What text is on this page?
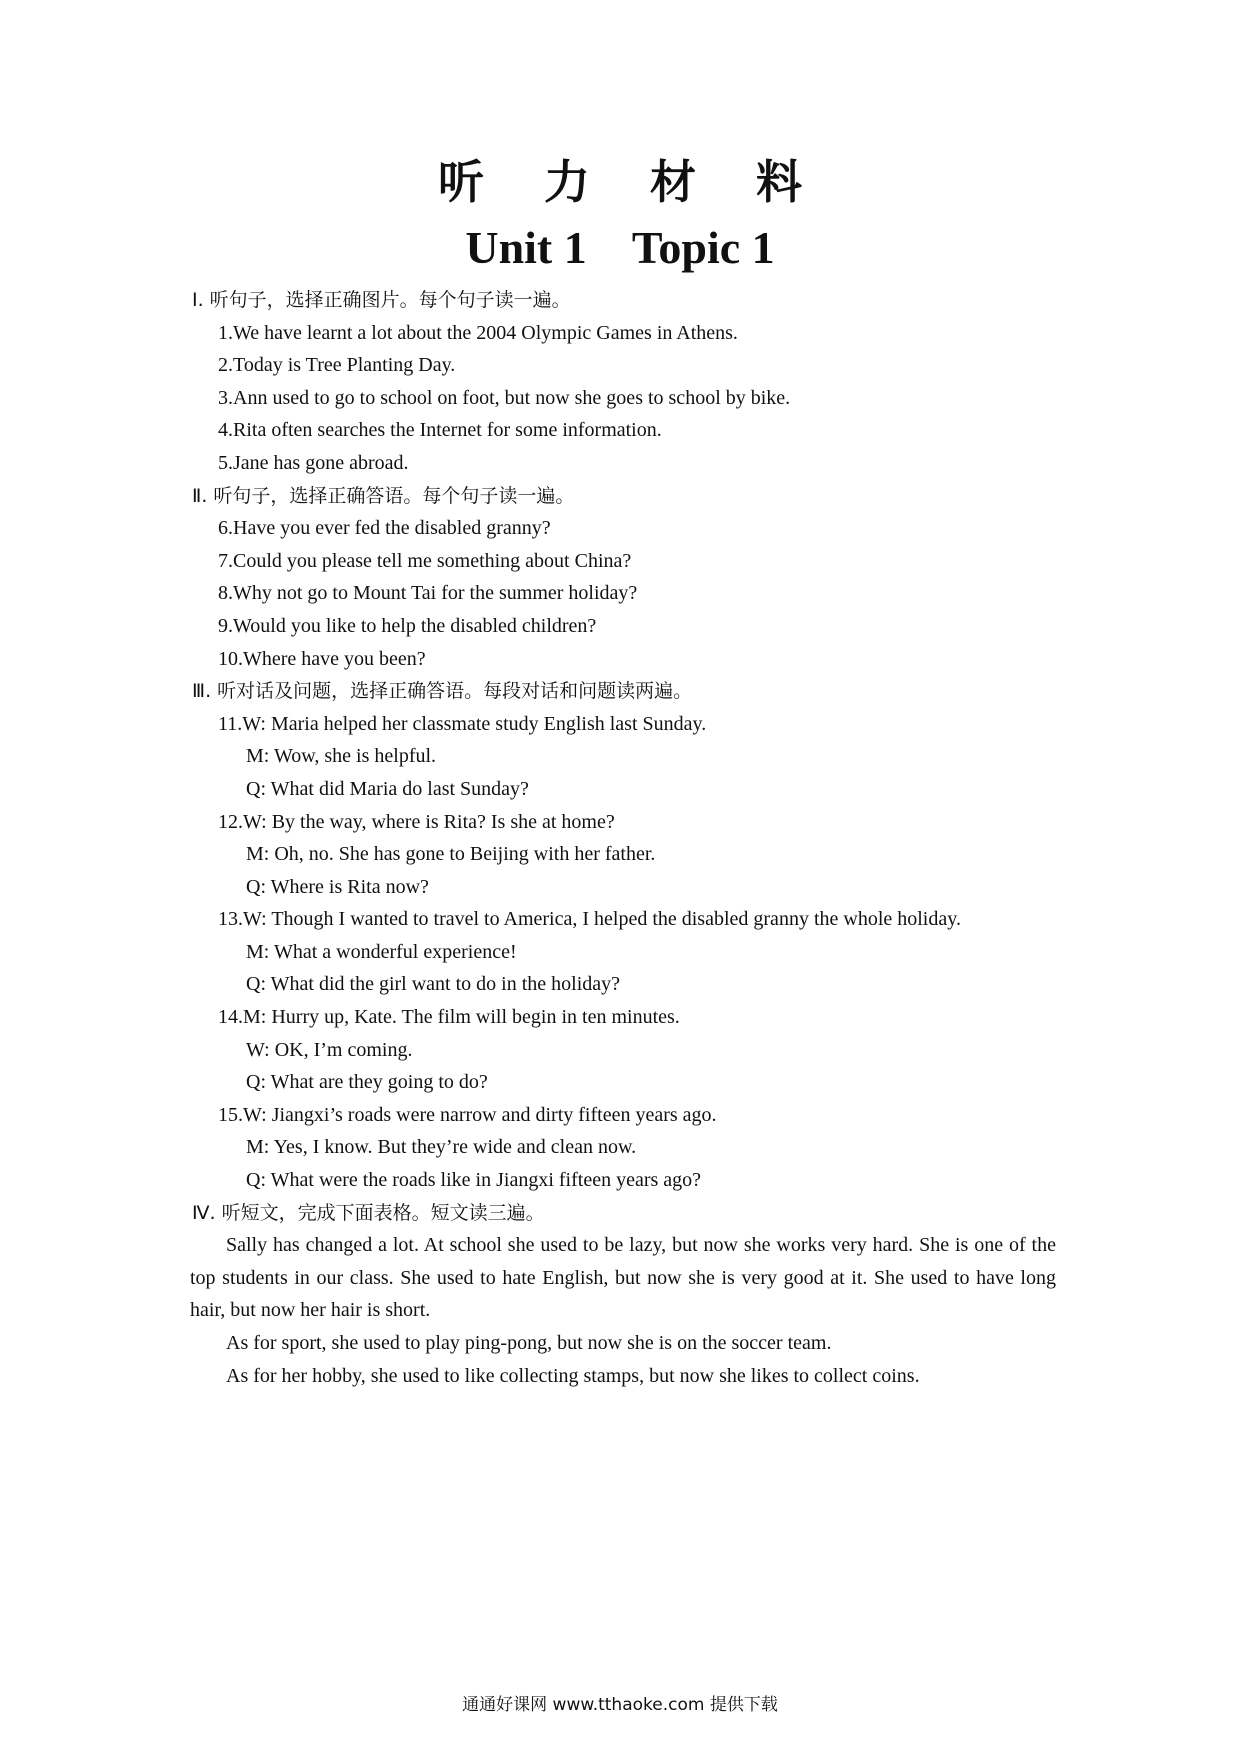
听 力 材 料
Unit 1    Topic 1
Ⅰ. 听句子，选择正确图片。每个句子读一遍。
1.We have learnt a lot about the 2004 Olympic Games in Athens.
2.Today is Tree Planting Day.
3.Ann used to go to school on foot, but now she goes to school by bike.
4.Rita often searches the Internet for some information.
5.Jane has gone abroad.
Ⅱ. 听句子，选择正确答语。每个句子读一遍。
6.Have you ever fed the disabled granny?
7.Could you please tell me something about China?
8.Why not go to Mount Tai for the summer holiday?
9.Would you like to help the disabled children?
10.Where have you been?
Ⅲ. 听对话及问题，选择正确答语。每段对话和问题读两遍。
11.W: Maria helped her classmate study English last Sunday.
M: Wow, she is helpful.
Q: What did Maria do last Sunday?
12.W: By the way, where is Rita? Is she at home?
M: Oh, no. She has gone to Beijing with her father.
Q: Where is Rita now?
13.W: Though I wanted to travel to America, I helped the disabled granny the whole holiday.
M: What a wonderful experience!
Q: What did the girl want to do in the holiday?
14.M: Hurry up, Kate. The film will begin in ten minutes.
W: OK, I’m coming.
Q: What are they going to do?
15.W: Jiangxi’s roads were narrow and dirty fifteen years ago.
M: Yes, I know. But they’re wide and clean now.
Q: What were the roads like in Jiangxi fifteen years ago?
Ⅳ. 听短文，完成下面表格。短文读三遍。

Sally has changed a lot. At school she used to be lazy, but now she works very hard. She is one of the top students in our class. She used to hate English, but now she is very good at it. She used to have long hair, but now her hair is short.

As for sport, she used to play ping-pong, but now she is on the soccer team.

As for her hobby, she used to like collecting stamps, but now she likes to collect coins.

通通好课网 www.tthaoke.com 提供下载
